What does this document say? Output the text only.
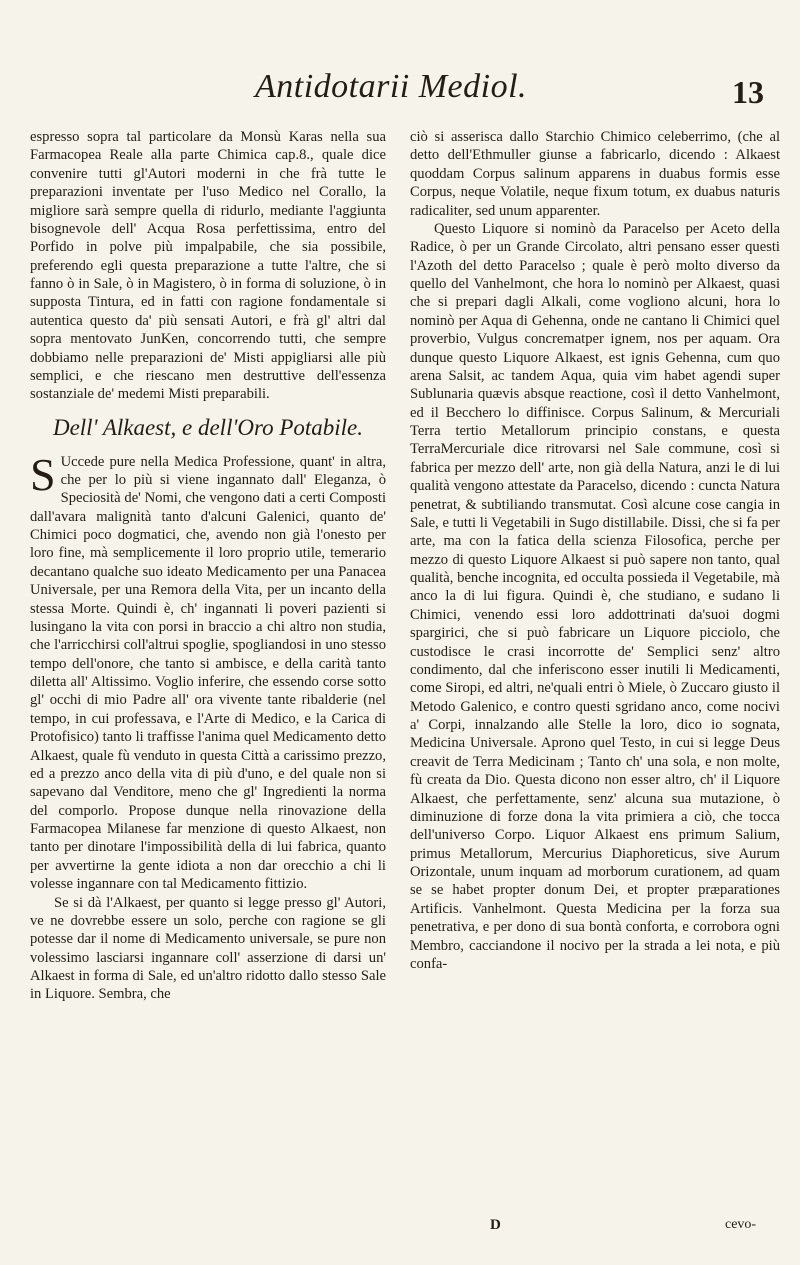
Antidotarii Mediol.	13

espresso sopra tal particolare da Monsù Karas nella sua Farmacopea Reale alla parte Chimica cap.8., quale dice convenire tutti gl'Autori moderni in che frà tutte le preparazioni inventate per l'uso Medico nel Corallo, la migliore sarà sempre quella di ridurlo, mediante l'aggiunta bisognevole dell' Acqua Rosa perfettissima, entro del Porfido in polve più impalpabile, che sia possibile, preferendo egli questa preparazione a tutte l'altre, che si fanno ò in Sale, ò in Magistero, ò in forma di soluzione, ò in supposta Tintura, ed in fatti con ragione fondamentale si autentica questo da' più sensati Autori, e frà gl' altri dal sopra mentovato JunKen, concorrendo tutti, che sempre dobbiamo nelle preparazioni de' Misti appigliarsi alle più semplici, e che riescano men destruttive dell'essenza sostanziale de' medemi Misti preparabili.

Dell' Alkaest, e dell'Oro Potabile.

S Uccede pure nella Medica Professione, quant' in altra, che per lo più si viene ingannato dall' Eleganza, ò Speciosità de' Nomi, che vengono dati a certi Composti dall'avara malignità tanto d'alcuni Galenici, quanto de' Chimici poco dogmatici, che, avendo non già l'onesto per loro fine, mà semplicemente il loro proprio utile, temerario decantano qualche suo ideato Medicamento per una Panacea Universale, per una Remora della Vita, per un incanto della stessa Morte. Quindi è, ch' ingannati li poveri pazienti si lusingano la vita con porsi in braccio a chi altro non studia, che l'arricchirsi coll'altrui spoglie, spogliandosi in uno stesso tempo dell'onore, che tanto si ambisce, e della carità tanto diletta all' Altissimo. Voglio inferire, che essendo corse sotto gl' occhi di mio Padre all' ora vivente tante ribalderie (nel tempo, in cui professava, e l'Arte di Medico, e la Carica di Protofisico) tanto li traffisse l'anima quel Medicamento detto Alkaest, quale fù venduto in questa Città a carissimo prezzo, ed a prezzo anco della vita di più d'uno, e del quale non si sapevano dal Venditore, meno che gl' Ingredienti la norma del comporlo. Propose dunque nella rinovazione della Farmacopea Milanese far menzione di questo Alkaest, non tanto per dinotare l'impossibilità della di lui fabrica, quanto per avvertirne la gente idiota a non dar orecchio a chi li volesse ingannare con tal Medicamento fittizio.

Se si dà l'Alkaest, per quanto si legge presso gl' Autori, ve ne dovrebbe essere un solo, perche con ragione se gli potesse dar il nome di Medicamento universale, se pure non volessimo lasciarsi ingannare coll' asserzione di darsi un' Alkaest in forma di Sale, ed un'altro ridotto dallo stesso Sale in Liquore. Sembra, che

ciò si asserisca dallo Starchio Chimico celeberrimo, (che al detto dell'Ethmuller giunse a fabricarlo, dicendo : Alkaest quoddam Corpus salinum apparens in duabus formis esse Corpus, neque Volatile, neque fixum totum, ex duabus naturis radicaliter, sed unum apparenter.

Questo Liquore si nominò da Paracelso per Aceto della Radice, ò per un Grande Circolato, altri pensano esser questi l'Azoth del detto Paracelso ; quale è però molto diverso da quello del Vanhelmont, che hora lo nominò per Alkaest, quasi che si prepari dagli Alkali, come vogliono alcuni, hora lo nominò per Aqua di Gehenna, onde ne cantano li Chimici quel proverbio, Vulgus concrematper ignem, nos per aquam. Ora dunque questo Liquore Alkaest, est ignis Gehenna, cum quo arena Salsit, ac tandem Aqua, quia vim habet agendi super Sublunaria quævis absque reactione, così il detto Vanhelmont, ed il Becchero lo diffinisce. Corpus Salinum, & Mercuriali Terra tertio Metallorum principio constans, e questa TerraMercuriale dice ritrovarsi nel Sale commune, così si fabrica per mezzo dell' arte, non già della Natura, anzi le di lui qualità vengono attestate da Paracelso, dicendo : cuncta Natura penetrat, & subtiliando transmutat. Così alcune cose cangia in Sale, e tutti li Vegetabili in Sugo distillabile. Dissi, che si fa per arte, ma con la fatica della scienza Filosofica, perche per mezzo di questo Liquore Alkaest si può sapere non tanto, qual qualità, benche incognita, ed occulta possieda il Vegetabile, mà anco la di lui figura. Quindi è, che studiano, e sudano li Chimici, venendo essi loro addottrinati da'suoi dogmi spargirici, che si può fabricare un Liquore picciolo, che custodisce le crasi incorrotte de' Semplici senz' altro condimento, dal che inferiscono esser inutili li Medicamenti, come Siropi, ed altri, ne'quali entri ò Miele, ò Zuccaro giusto il Metodo Galenico, e contro questi sgridano anco, come nocivi a' Corpi, innalzando alle Stelle la loro, dico io sognata, Medicina Universale. Aprono quel Testo, in cui si legge Deus creavit de Terra Medicinam ; Tanto ch' una sola, e non molte, fù creata da Dio. Questa dicono non esser altro, ch' il Liquore Alkaest, che perfettamente, senz' alcuna sua mutazione, ò diminuzione di forze dona la vita primiera a ciò, che tocca dell'universo Corpo. Liquor Alkaest ens primum Salium, primus Metallorum, Mercurius Diaphoreticus, sive Aurum Orizontale, unum inquam ad morborum curationem, ad quam se se habet propter donum Dei, et propter præparationes Artificis. Vanhelmont. Questa Medicina per la forza sua penetrativa, e per dono di sua bontà conforta, e corrobora ogni Membro, cacciandone il nocivo per la strada a lei nota, e più confa-

D	cevo-
